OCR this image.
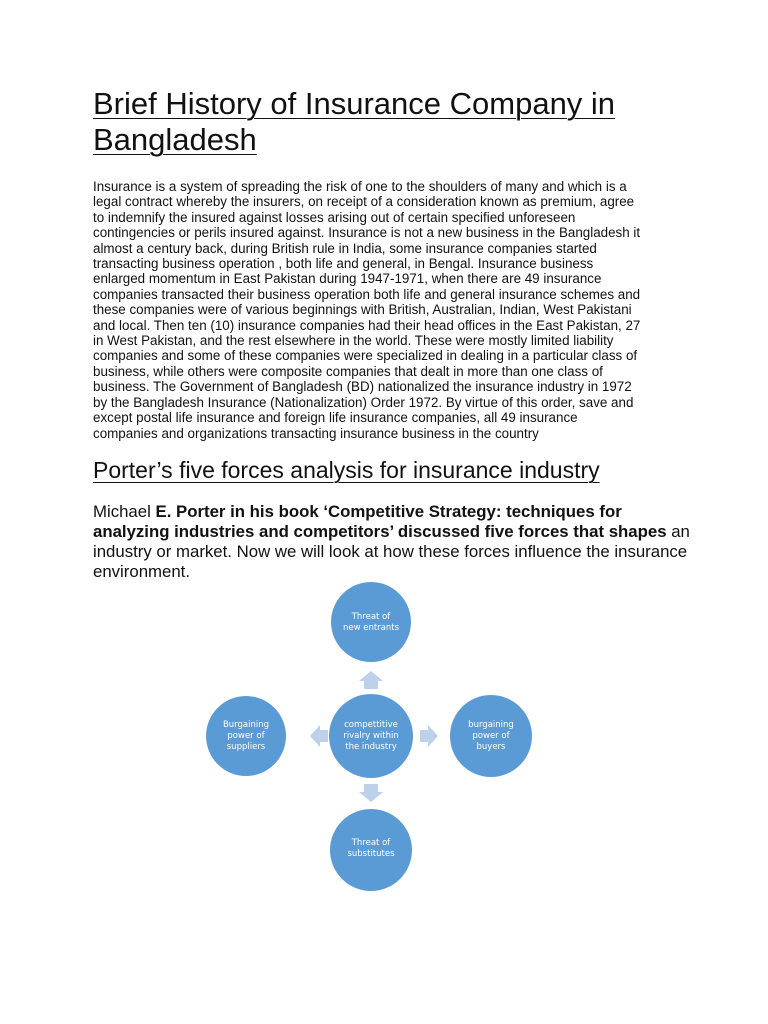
Brief History of Insurance Company in Bangladesh

Insurance is a system of spreading the risk of one to the shoulders of many and which is a
legal contract whereby the insurers, on receipt of a consideration known as premium, agree
to indemnify the insured against losses arising out of certain specified unforeseen
contingencies or perils insured against. Insurance is not a new business in the Bangladesh it
almost a century back, during British rule in India, some insurance companies started
transacting business operation , both life and general, in Bengal. Insurance business
enlarged momentum in East Pakistan during 1947-1971, when there are 49 insurance
companies transacted their business operation both life and general insurance schemes and
these companies were of various beginnings with British, Australian, Indian, West Pakistani
and local. Then ten (10) insurance companies had their head offices in the East Pakistan, 27
in West Pakistan, and the rest elsewhere in the world. These were mostly limited liability
companies and some of these companies were specialized in dealing in a particular class of
business, while others were composite companies that dealt in more than one class of
business. The Government of Bangladesh (BD) nationalized the insurance industry in 1972
by the Bangladesh Insurance (Nationalization) Order 1972. By virtue of this order, save and
except postal life insurance and foreign life insurance companies, all 49 insurance
companies and organizations transacting insurance business in the country

Porter’s five forces analysis for insurance industry

Michael E. Porter in his book ‘Competitive Strategy: techniques for analyzing industries and competitors’ discussed five forces that shapes an industry or market. Now we will look at how these forces influence the insurance environment.

Threat of
new entrants
Burgaining
power of
suppliers
compettitive
rivalry within
the industry
burgaining
power of
buyers
Threat of
substitutes
